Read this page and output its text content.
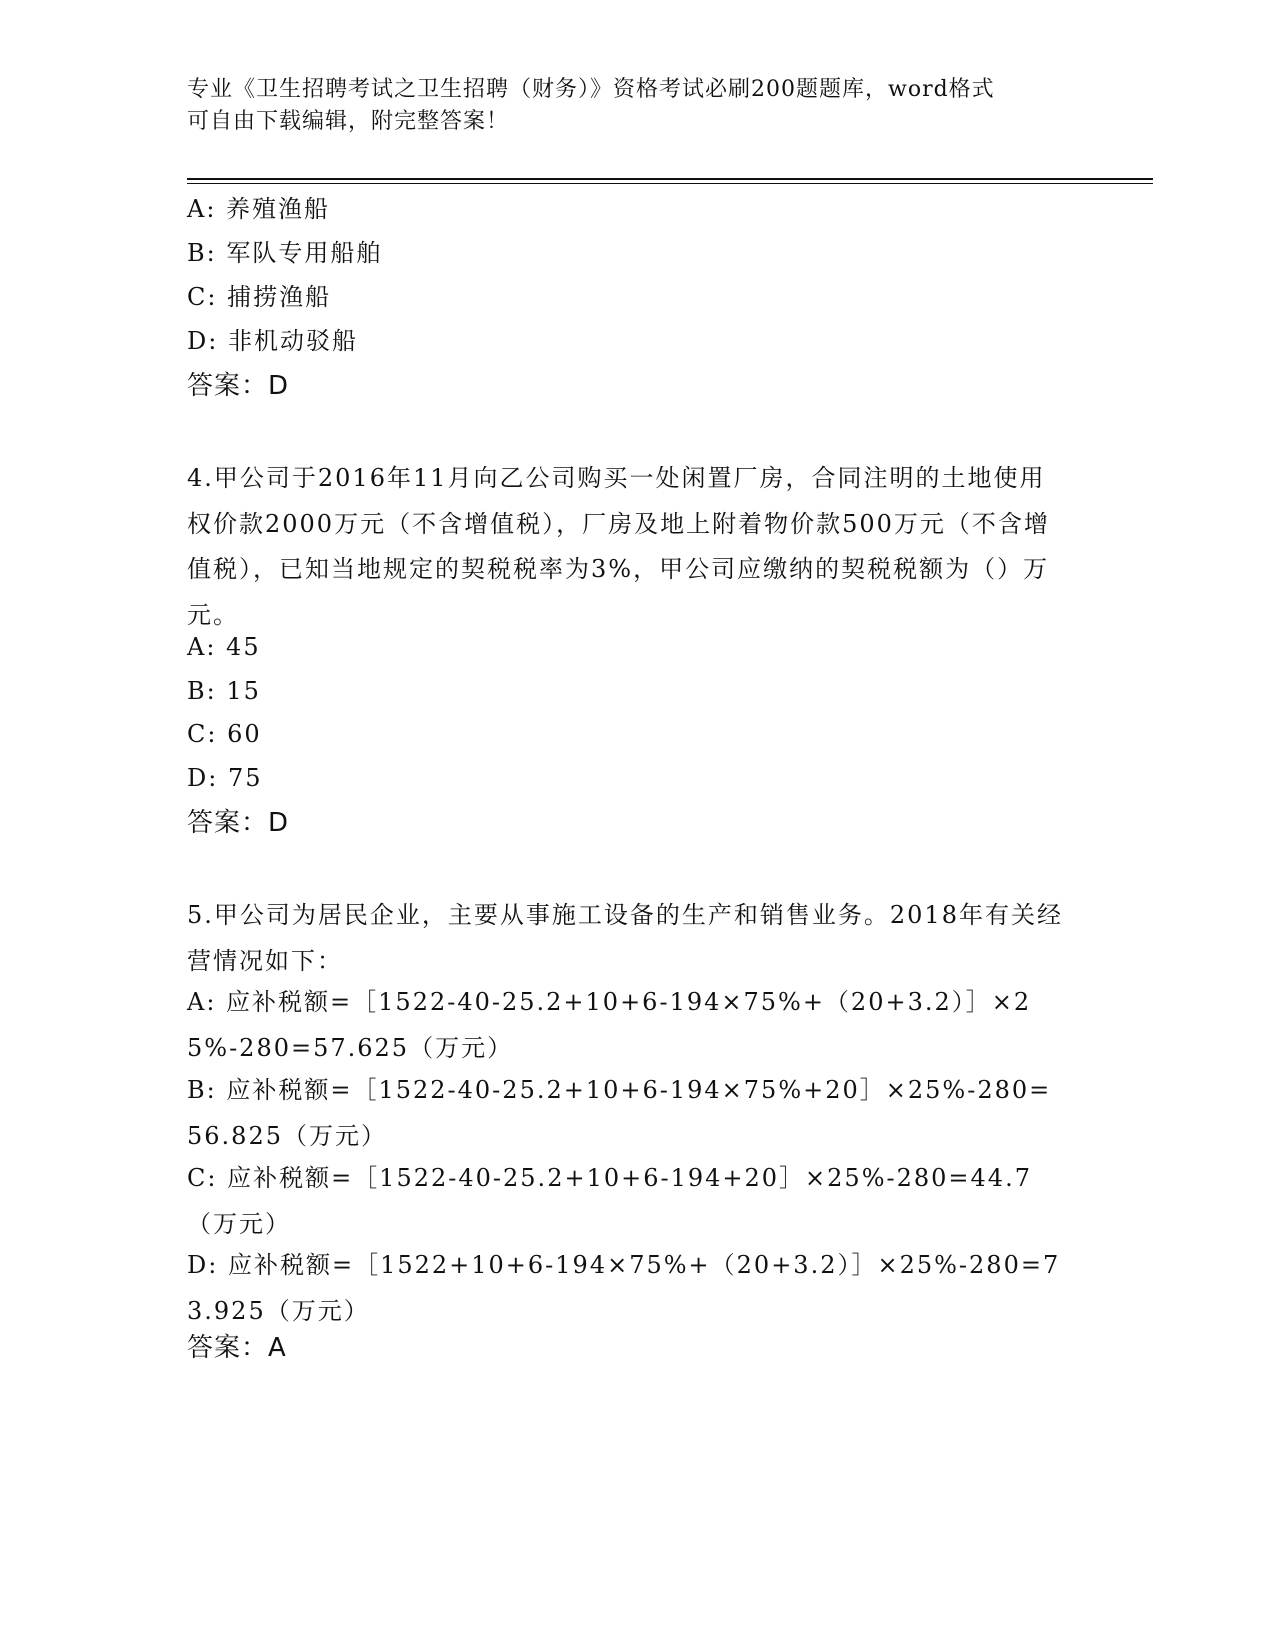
专业《卫生招聘考试之卫生招聘（财务）》资格考试必刷200题题库，word格式
可自由下载编辑，附完整答案！
A: 养殖渔船
B: 军队专用船舶
C: 捕捞渔船
D: 非机动驳船
答案：D
4.甲公司于2016年11月向乙公司购买一处闲置厂房，合同注明的土地使用权价款2000万元（不含增值税），厂房及地上附着物价款500万元（不含增值税），已知当地规定的契税税率为3%，甲公司应缴纳的契税税额为（）万元。
A: 45
B: 15
C: 60
D: 75
答案：D
5.甲公司为居民企业，主要从事施工设备的生产和销售业务。2018年有关经营情况如下：
A: 应补税额=［1522-40-25.2+10+6-194×75%+（20+3.2）］×25%-280=57.625（万元）
B: 应补税额=［1522-40-25.2+10+6-194×75%+20］×25%-280=56.825（万元）
C: 应补税额=［1522-40-25.2+10+6-194+20］×25%-280=44.7（万元）
D: 应补税额=［1522+10+6-194×75%+（20+3.2）］×25%-280=73.925（万元）
答案：A
